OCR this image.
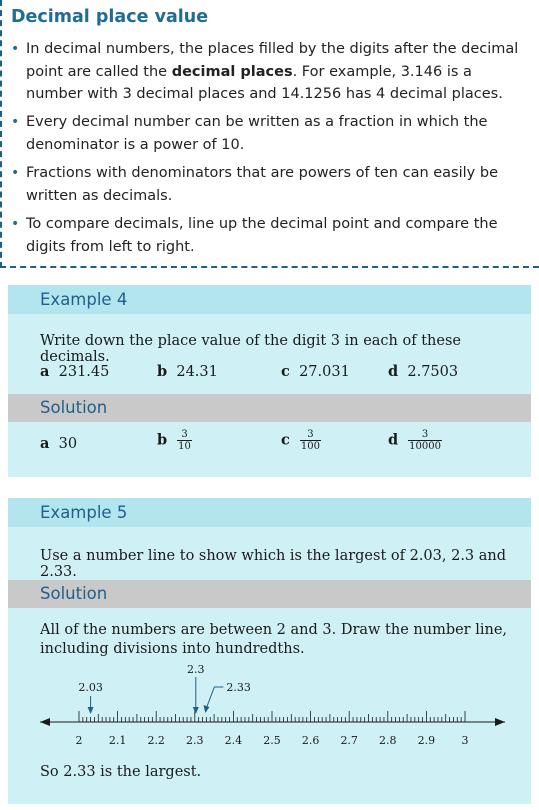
Decimal place value
• In decimal numbers, the places filled by the digits after the decimal point are called the decimal places. For example, 3.146 is a number with 3 decimal places and 14.1256 has 4 decimal places.
• Every decimal number can be written as a fraction in which the denominator is a power of 10.
• Fractions with denominators that are powers of ten can easily be written as decimals.
• To compare decimals, line up the decimal point and compare the digits from left to right.
Example 4
Write down the place value of the digit 3 in each of these decimals.
a 231.45	b 24.31	c 27.031	d 2.7503
Solution
a 30	b $\frac{3}{10}$	c $\frac{3}{100}$	d $\frac{3}{10000}$
Example 5
Use a number line to show which is the largest of 2.03, 2.3 and 2.33.
Solution
All of the numbers are between 2 and 3. Draw the number line,
including divisions into hundredths.
2 2.1 2.2 2.3 2.4 2.5 2.6 2.7 2.8 2.9 3
2.03
2.3
2.33
So 2.33 is the largest.
